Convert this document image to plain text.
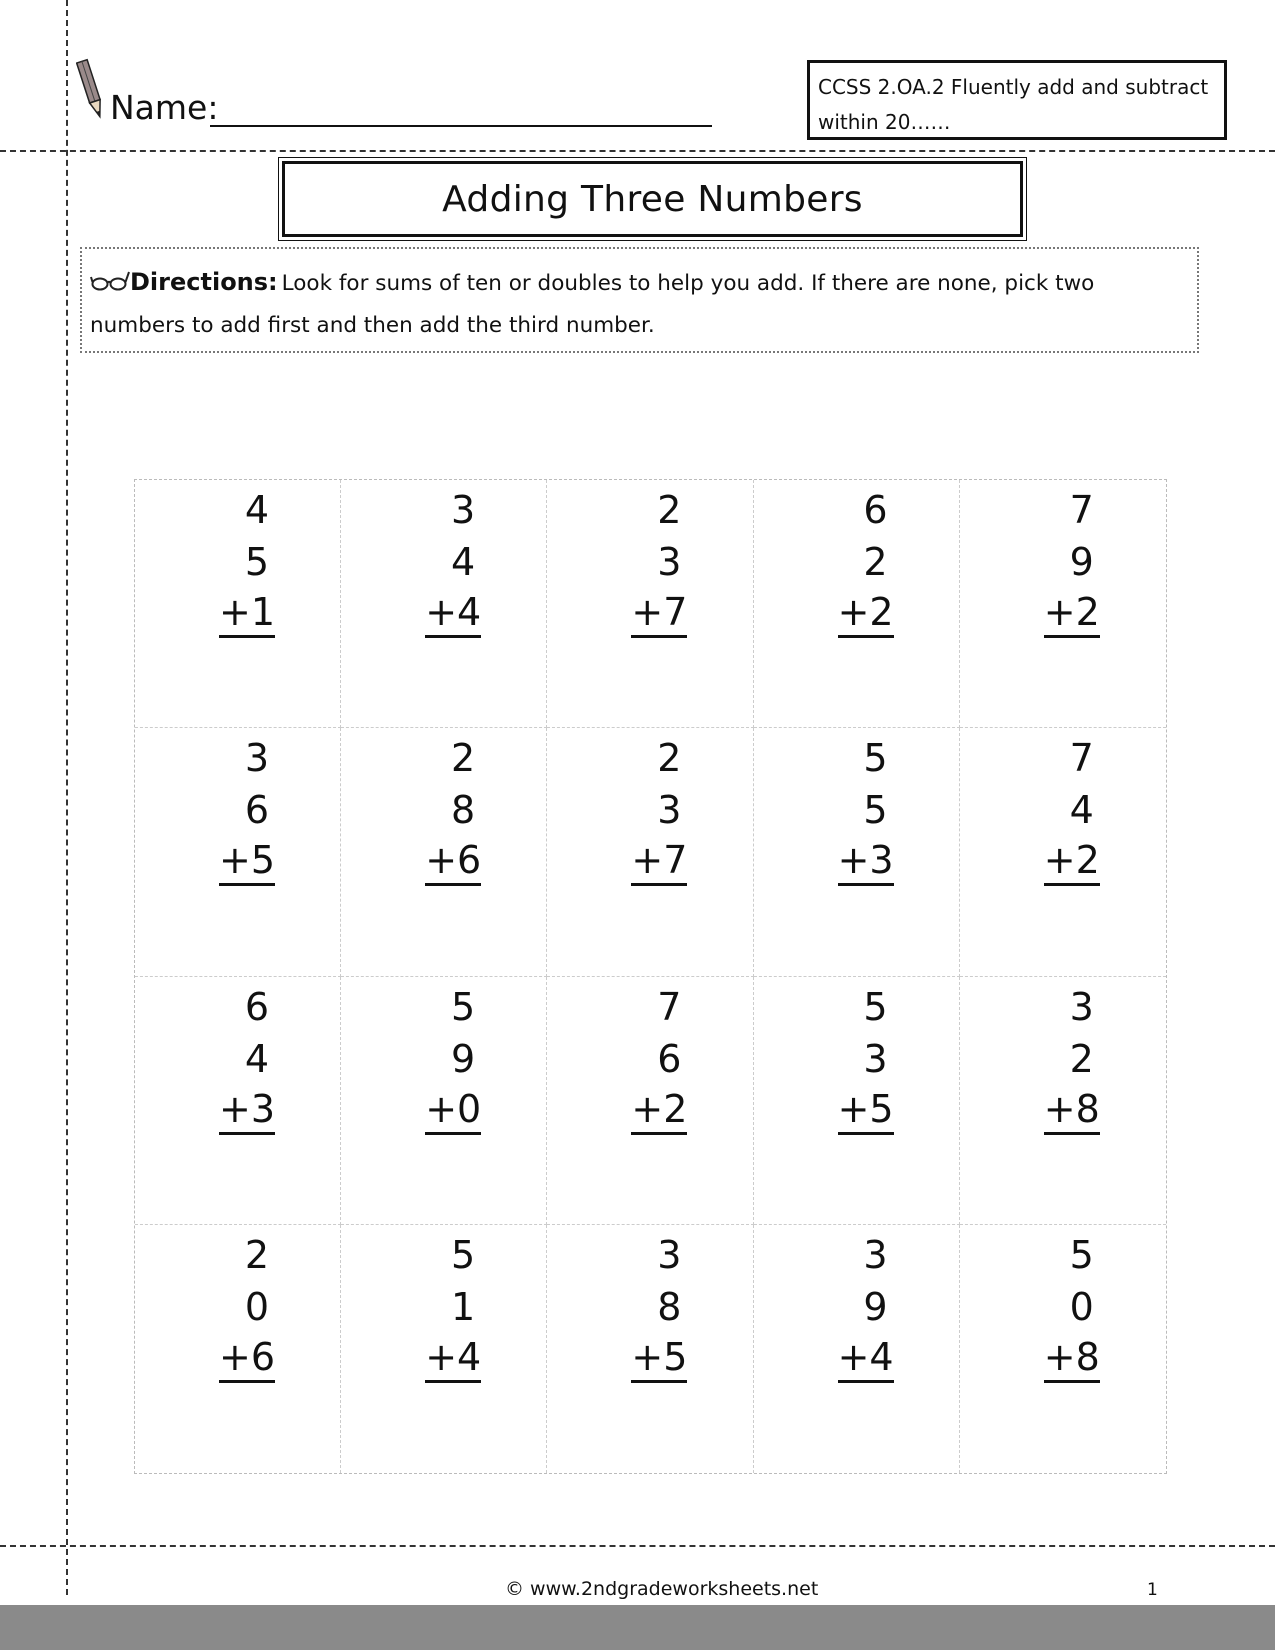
Name:
CCSS 2.OA.2 Fluently add and subtract
within 20……
Adding Three Numbers
Directions: Look for sums of ten or doubles to help you add. If there are none, pick two
numbers to add first and then add the third number.
4
5
+1
3
4
+4
2
3
+7
6
2
+2
7
9
+2
3
6
+5
2
8
+6
2
3
+7
5
5
+3
7
4
+2
6
4
+3
5
9
+0
7
6
+2
5
3
+5
3
2
+8
2
0
+6
5
1
+4
3
8
+5
3
9
+4
5
0
+8
© www.2ndgradeworksheets.net	1
